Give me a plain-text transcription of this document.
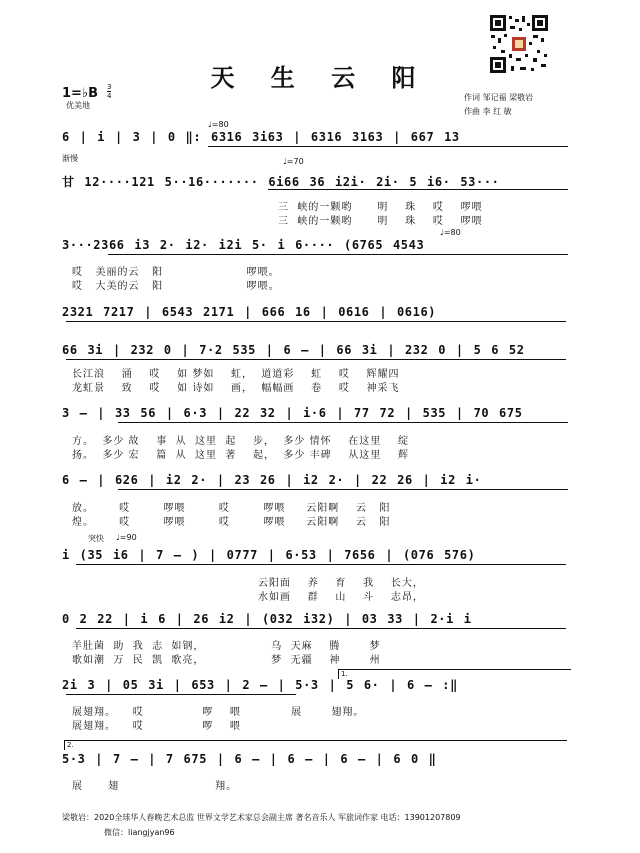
天 生 云 阳
1=♭B 3
4
优美地
作词 邹记福 梁敬岩
作曲 李 红 敏
♩=80
♩=70
渐慢
♩=80
突快 ♩=90
6 | i | 3 | 0 ‖: 6316 3i63 | 6316 3163 | 667 13
甘 12····121 5··16······· 6i66 36 i2i· 2i· 5 i6· 53···
三  峡的一颗哟      明    珠    哎    啰喂
三  峡的一颗哟      明    珠    哎    啰喂
3···2366 i3 2· i2· i2i 5· i 6···· (6765 4543
哎   美丽的云   阳                    啰喂。
哎   大美的云   阳                    啰喂。
2321 7217 | 6543 2171 | 666 16 | 0616 | 0616)
66 3i | 232 0 | 7·2 535 | 6 – | 66 3i | 232 0 | 5 6 52
长江浪    涌    哎    如 梦如    虹，  道道彩    虹    哎    辉耀四
龙虹景    致    哎    如 诗如    画，  幅幅画    卷    哎    神采飞
3 – | 33 56 | 6·3 | 22 32 | i·6 | 77 72 | 535 | 70 675
方。  多少 故    事  从  这里  起    步，  多少 情怀    在这里    绽
扬。  多少 宏    篇  从  这里  著    起，  多少 丰碑    从这里    辉
6 – | 626 | i2 2· | 23 26 | i2 2· | 22 26 | i2 i·
放。      哎        啰喂        哎        啰喂     云阳啊    云   阳
煌。      哎        啰喂        哎        啰喂     云阳啊    云   阳
i (35 i6 | 7 – ) | 0777 | 6·53 | 7656 | (076 576)
云阳面    养    育    我    长大，
水如画    群    山    斗    志昂，
0 2 22 | i 6 | 26 i2 | (032 i32) | 03 33 | 2·i i
羊肚菌  助  我  志  如钢，                乌  天麻    腾       梦
歌如潮  万  民  凯  歌亮，                梦  无疆    神       州
1.
2i 3 | 05 3i | 653 | 2 – | 5·3 | 5 6· | 6 – :‖
展翅翔。    哎              啰    喂            展       翅翔。
展翅翔。    哎              啰    喂
2.
5·3 | 7 – | 7 675 | 6 – | 6 – | 6 – | 6 0 ‖
展      翅                       翔。
梁敬岩：2020全球华人春晚艺术总监 世界文学艺术家总会副主席 著名音乐人 军旅词作家 电话：13901207809
微信：liangjyan96
